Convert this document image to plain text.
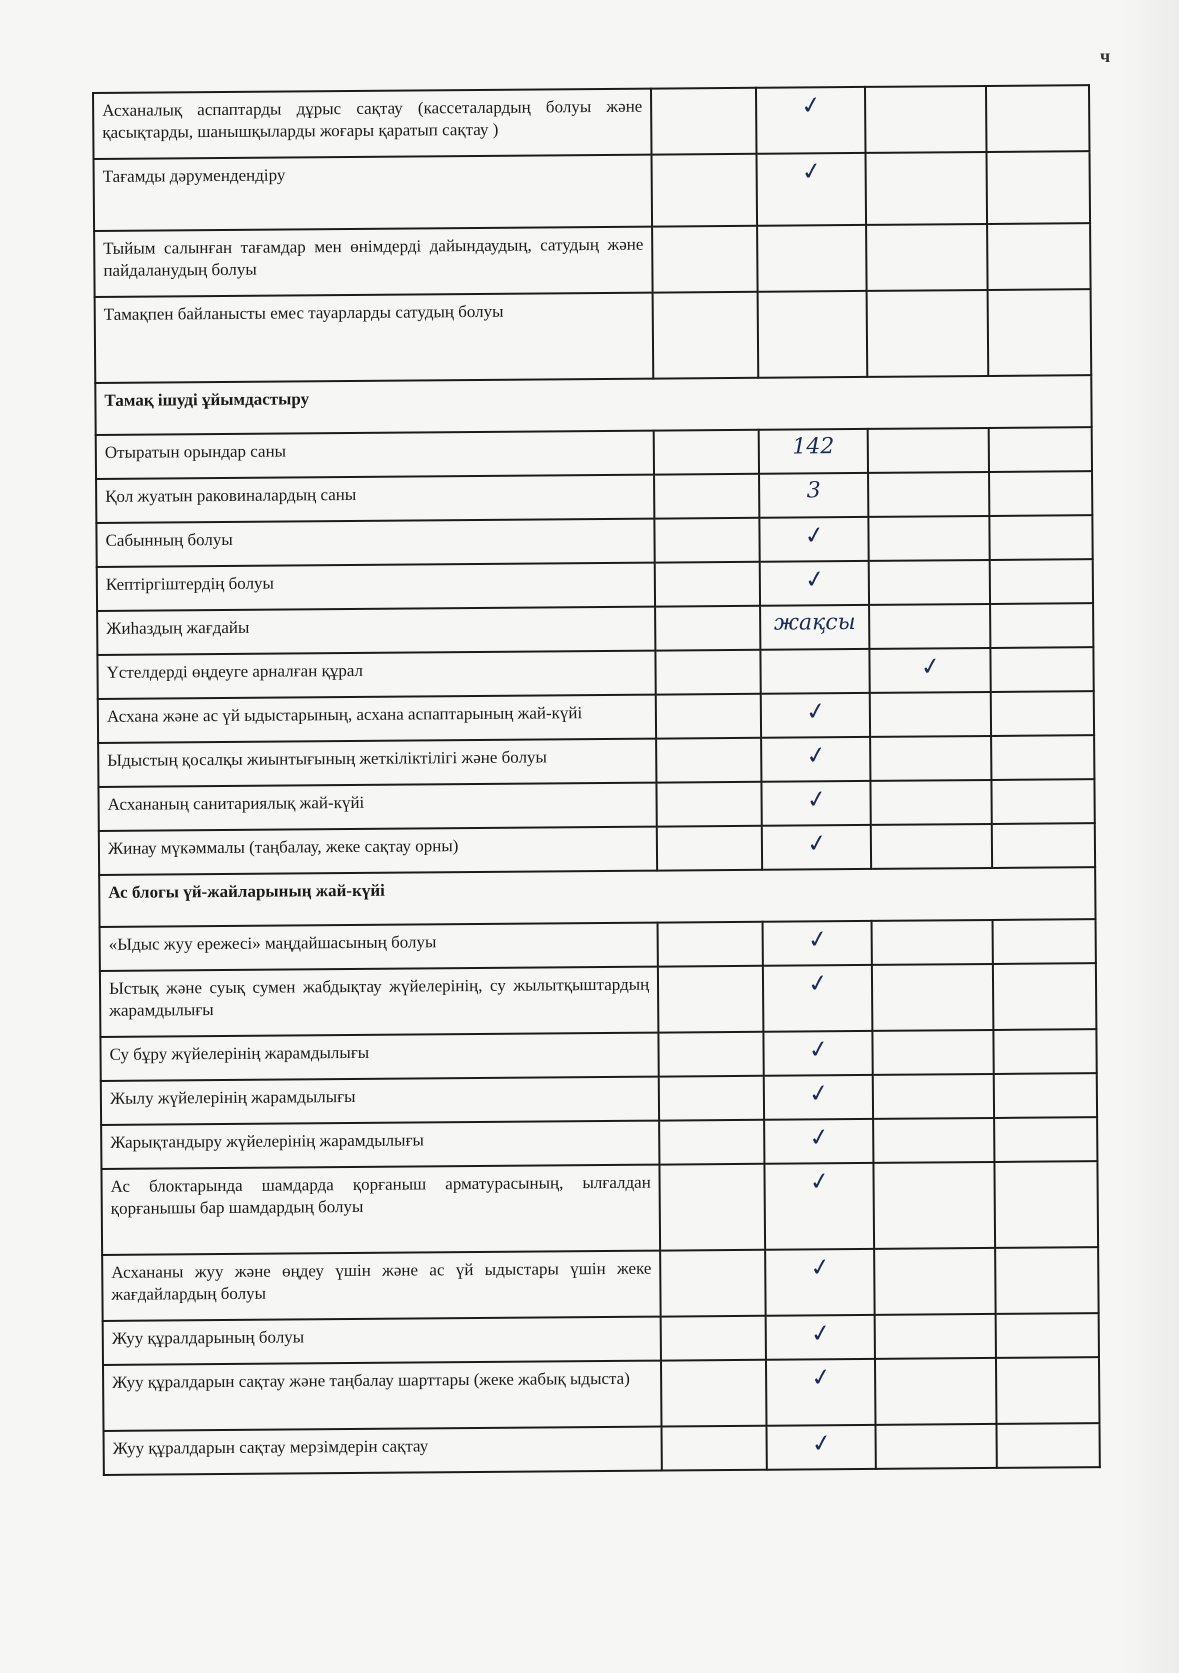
ч
Асханалық аспаптарды дұрыс сақтау (кассеталардың болуы және қасықтарды, шанышқыларды жоғары қаратып сақтау )		✓		
Тағамды дәрумендендіру		✓		
Тыйым салынған тағамдар мен өнімдерді дайындаудың, сатудың және пайдаланудың болуы				
Тамақпен байланысты емес тауарларды сатудың болуы				
Тамақ ішуді ұйымдастыру				
Отыратын орындар саны		142		
Қол жуатын раковиналардың саны		3		
Сабынның болуы		✓		
Кептіргіштердің болуы		✓		
Жиһаздың жағдайы		жақсы		
Үстелдерді өңдеуге арналған құрал			✓	
Асхана және ас үй ыдыстарының, асхана аспаптарының жай-күйі		✓		
Ыдыстың қосалқы жиынтығының жеткіліктілігі және болуы		✓		
Асхананың санитариялық жай-күйі		✓		
Жинау мүкәммалы (таңбалау, жеке сақтау орны)		✓		
Ас блогы үй-жайларының жай-күйі				
«Ыдыс жуу ережесі» маңдайшасының болуы		✓		
Ыстық және суық сумен жабдықтау жүйелерінің, су жылытқыштардың жарамдылығы		✓		
Су бұру жүйелерінің жарамдылығы		✓		
Жылу жүйелерінің жарамдылығы		✓		
Жарықтандыру жүйелерінің жарамдылығы		✓		
Ас блоктарында шамдарда қорғаныш арматурасының, ылғалдан қорғанышы бар шамдардың болуы		✓		
Асхананы жуу және өңдеу үшін және ас үй ыдыстары үшін жеке жағдайлардың болуы		✓		
Жуу құралдарының болуы		✓		
Жуу құралдарын сақтау және таңбалау шарттары (жеке жабық ыдыста)		✓		
Жуу құралдарын сақтау мерзімдерін сақтау		✓		
